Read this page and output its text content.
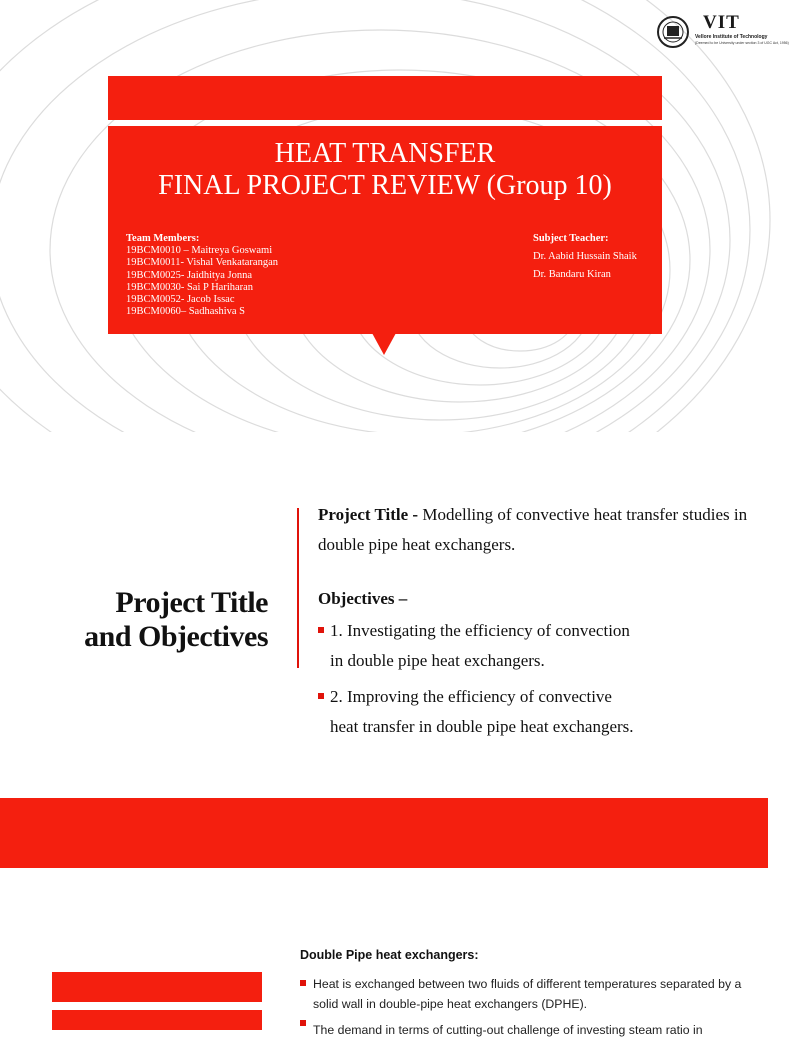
VIT
Vellore Institute of Technology
(Deemed to be University under section 3 of UGC Act, 1956)
HEAT TRANSFER
FINAL PROJECT REVIEW (Group 10)
Team Members:
19BCM0010 – Maitreya Goswami
19BCM0011- Vishal Venkatarangan
19BCM0025- Jaidhitya Jonna
19BCM0030- Sai P Hariharan
19BCM0052- Jacob Issac
19BCM0060– Sadhashiva S
Subject Teacher:
Dr. Aabid Hussain Shaik
Dr. Bandaru Kiran
Project Title
and Objectives

Project Title - Modelling of convective heat transfer studies in double pipe heat exchangers.

Objectives –
1. Investigating the efficiency of convection
in double pipe heat exchangers.
2. Improving the efficiency of convective
heat transfer in double pipe heat exchangers.
Double Pipe heat exchangers:
Heat is exchanged between two fluids of different temperatures separated by a solid wall in double-pipe heat exchangers (DPHE).
The demand in terms of cutting-out challenge of investing steam ratio in
